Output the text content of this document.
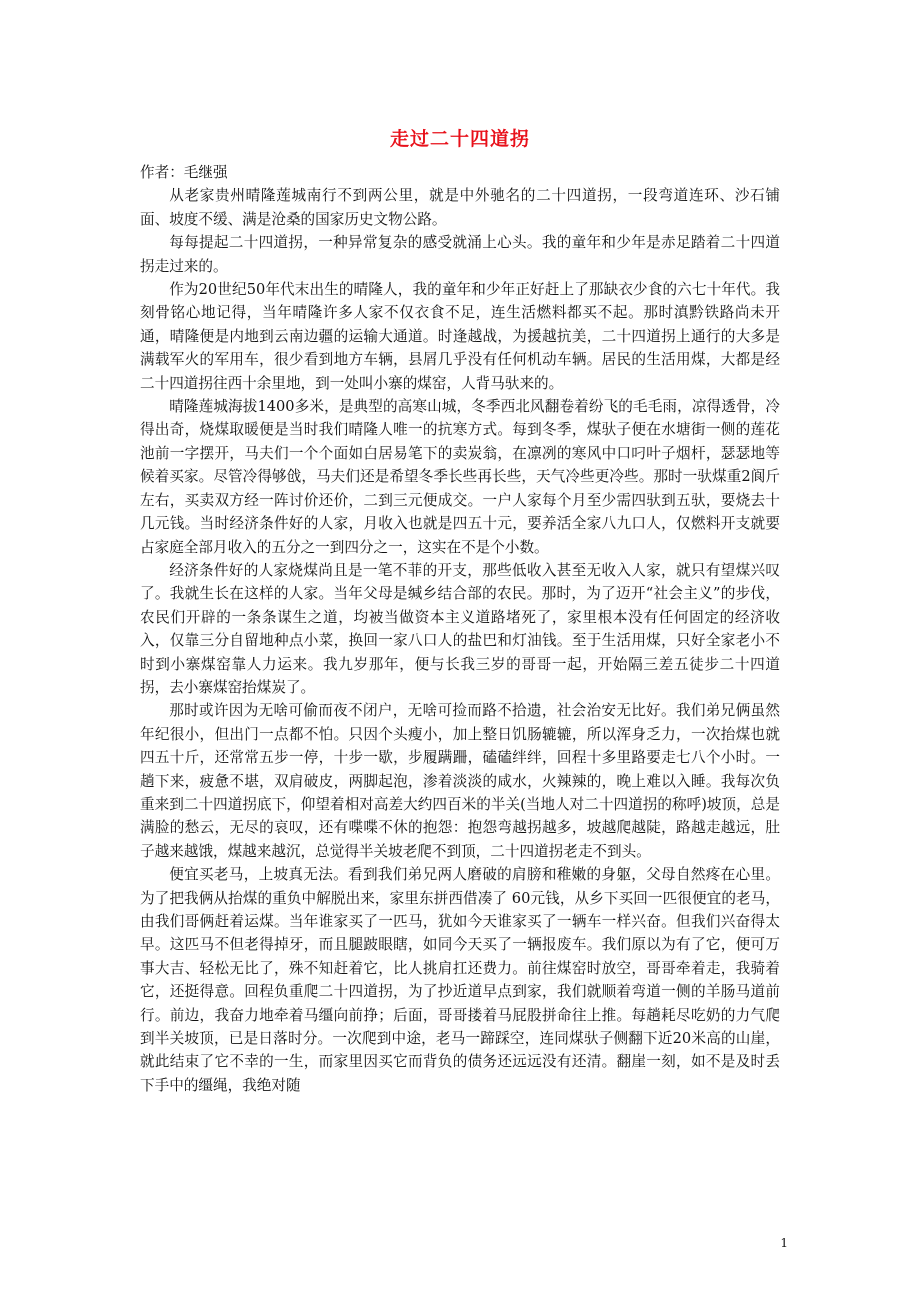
走过二十四道拐

作者：毛继强

从老家贵州晴隆莲城南行不到两公里，就是中外驰名的二十四道拐，一段弯道连环、沙石铺面、坡度不缓、满是沧桑的国家历史文物公路。

每每提起二十四道拐，一种异常复杂的感受就涌上心头。我的童年和少年是赤足踏着二十四道拐走过来的。

作为20世纪50年代末出生的晴隆人，我的童年和少年正好赶上了那缺衣少食的六七十年代。我刻骨铭心地记得，当年晴隆许多人家不仅衣食不足，连生活燃料都买不起。那时滇黔铁路尚未开通，晴隆便是内地到云南边疆的运输大通道。时逢越战，为援越抗美，二十四道拐上通行的大多是满载军火的军用车，很少看到地方车辆，县屑几乎没有任何机动车辆。居民的生活用煤，大都是经二十四道拐往西十余里地，到一处叫小寨的煤窑，人背马驮来的。

晴隆莲城海拔1400多米，是典型的高寒山城，冬季西北风翻卷着纷飞的毛毛雨，凉得透骨，冷得出奇，烧煤取暖便是当时我们晴隆人唯一的抗寒方式。每到冬季，煤驮子便在水塘街一侧的莲花池前一字摆开，马夫们一个个面如白居易笔下的卖炭翁，在凛冽的寒风中口叼叶子烟杆，瑟瑟地等候着买家。尽管冷得够戗，马夫们还是希望冬季长些再长些，天气冷些更冷些。那时一驮煤重2阆斤左右，买卖双方经一阵讨价还价，二到三元便成交。一户人家每个月至少需四驮到五驮，要烧去十几元钱。当时经济条件好的人家，月收入也就是四五十元，要养活全家八九口人，仅燃料开支就要占家庭全部月收入的五分之一到四分之一，这实在不是个小数。

经济条件好的人家烧煤尚且是一笔不菲的开支，那些低收入甚至无收入人家，就只有望煤兴叹了。我就生长在这样的人家。当年父母是缄乡结合部的农民。那时，为了迈开“社会主义”的步伐，农民们开辟的一条条谋生之道，均被当做资本主义道路堵死了，家里根本没有任何固定的经济收入，仅靠三分自留地种点小菜，换回一家八口人的盐巴和灯油钱。至于生活用煤，只好全家老小不时到小寨煤窑靠人力运来。我九岁那年，便与长我三岁的哥哥一起，开始隔三差五徒步二十四道拐，去小寨煤窑抬煤炭了。

那时或许因为无啥可偷而夜不闭户，无啥可捡而路不拾遗，社会治安无比好。我们弟兄俩虽然年纪很小，但出门一点都不怕。只因个头瘦小，加上整日饥肠辘辘，所以浑身乏力，一次抬煤也就四五十斤，还常常五步一停，十步一歇，步履蹒跚，磕磕绊绊，回程十多里路要走七八个小时。一趟下来，疲惫不堪，双肩破皮，两脚起泡，渗着淡淡的咸水，火辣辣的，晚上难以入睡。我每次负重来到二十四道拐底下，仰望着相对高差大约四百米的半关(当地人对二十四道拐的称呼)坡顶，总是满脸的愁云，无尽的哀叹，还有喋喋不休的抱怨：抱怨弯越拐越多，坡越爬越陡，路越走越远，肚子越来越饿，煤越来越沉，总觉得半关坡老爬不到顶，二十四道拐老走不到头。

便宜买老马，上坡真无法。看到我们弟兄两人磨破的肩膀和稚嫩的身躯，父母自然疼在心里。为了把我俩从抬煤的重负中解脱出来，家里东拼西借凑了 60元钱，从乡下买回一匹很便宜的老马，由我们哥俩赶着运煤。当年谁家买了一匹马，犹如今天谁家买了一辆车一样兴奋。但我们兴奋得太早。这匹马不但老得掉牙，而且腿跛眼瞎，如同今天买了一辆报废车。我们原以为有了它，便可万事大吉、轻松无比了，殊不知赶着它，比人挑肩扛还费力。前往煤窑时放空，哥哥牵着走，我骑着它，还挺得意。回程负重爬二十四道拐，为了抄近道早点到家，我们就顺着弯道一侧的羊肠马道前行。前边，我奋力地牵着马缰向前挣；后面，哥哥搂着马屁股拼命往上推。每趟耗尽吃奶的力气爬到半关坡顶，已是日落时分。一次爬到中途，老马一蹄踩空，连同煤驮子侧翻下近20米高的山崖，就此结束了它不幸的一生，而家里因买它而背负的债务还远远没有还清。翻崖一刻，如不是及时丢下手中的缰绳，我绝对随

1
